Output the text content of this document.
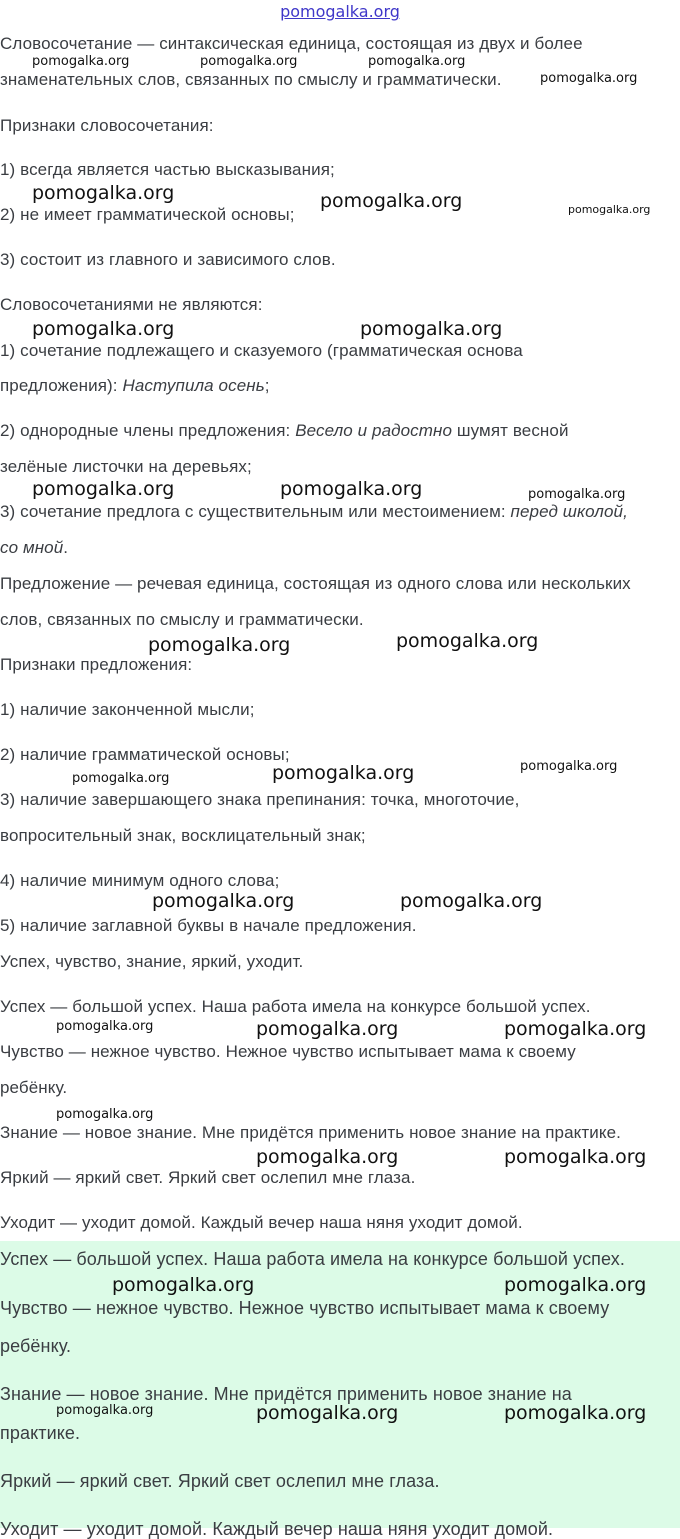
pomogalka.org
Словосочетание — синтаксическая единица, состоящая из двух и более
знаменательных слов, связанных по смыслу и грамматически.
Признаки словосочетания:
1) всегда является частью высказывания;
2) не имеет грамматической основы;
3) состоит из главного и зависимого слов.
Словосочетаниями не являются:
1) сочетание подлежащего и сказуемого (грамматическая основа
предложения): Наступила осень;
2) однородные члены предложения: Весело и радостно шумят весной
зелёные листочки на деревьях;
3) сочетание предлога с существительным или местоимением: перед школой,
со мной.
Предложение — речевая единица, состоящая из одного слова или нескольких
слов, связанных по смыслу и грамматически.
Признаки предложения:
1) наличие законченной мысли;
2) наличие грамматической основы;
3) наличие завершающего знака препинания: точка, многоточие,
вопросительный знак, восклицательный знак;
4) наличие минимум одного слова;
5) наличие заглавной буквы в начале предложения.
Успех, чувство, знание, яркий, уходит.
Успех — большой успех. Наша работа имела на конкурсе большой успех.
Чувство — нежное чувство. Нежное чувство испытывает мама к своему
ребёнку.
Знание — новое знание. Мне придётся применить новое знание на практике.
Яркий — яркий свет. Яркий свет ослепил мне глаза.
Уходит — уходит домой. Каждый вечер наша няня уходит домой.
Успех — большой успех. Наша работа имела на конкурсе большой успех.
Чувство — нежное чувство. Нежное чувство испытывает мама к своему
ребёнку.
Знание — новое знание. Мне придётся применить новое знание на
практике.
Яркий — яркий свет. Яркий свет ослепил мне глаза.
Уходит — уходит домой. Каждый вечер наша няня уходит домой.
pomogalka.org	pomogalka.org	pomogalka.org
pomogalka.org
pomogalka.org	pomogalka.org	pomogalka.org
pomogalka.org	pomogalka.org
pomogalka.org	pomogalka.org	pomogalka.org
pomogalka.org	pomogalka.org
pomogalka.org	pomogalka.org	pomogalka.org
pomogalka.org	pomogalka.org
pomogalka.org	pomogalka.org	pomogalka.org
pomogalka.org
pomogalka.org	pomogalka.org
pomogalka.org	pomogalka.org
pomogalka.org	pomogalka.org	pomogalka.org
